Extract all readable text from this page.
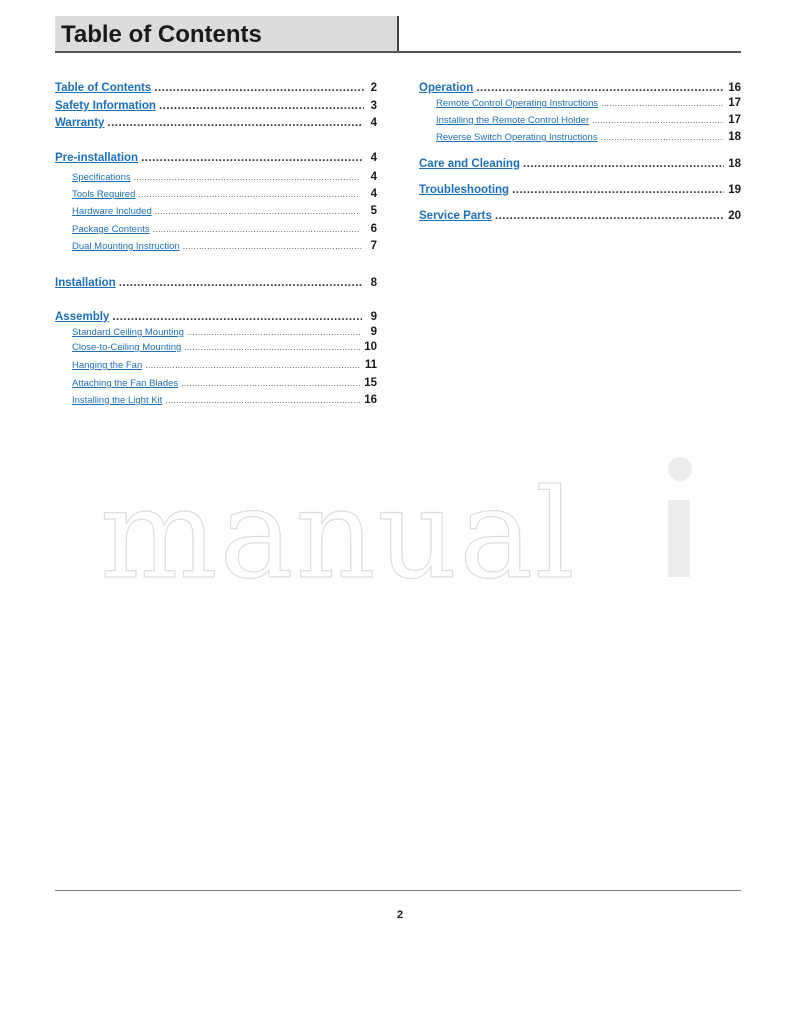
Table of Contents
Table of Contents .....	2
Safety Information .....	3
Warranty .....	4
Pre-installation .....	4
Specifications .....	4
Tools Required .....	4
Hardware Included .....	5
Package Contents .....	6
Dual Mounting Instruction .....	7
Installation .....	8
Assembly .....	9
Standard Ceiling Mounting .....	9
Close-to-Ceiling Mounting .....	10
Hanging the Fan .....	11
Attaching the Fan Blades .....	15
Installing the Light Kit .....	16
Operation .....	16
Remote Control Operating Instructions .....	17
Installing the Remote Control Holder .....	17
Reverse Switch Operating Instructions .....	18
Care and Cleaning .....	18
Troubleshooting .....	19
Service Parts .....	20
manual
2
